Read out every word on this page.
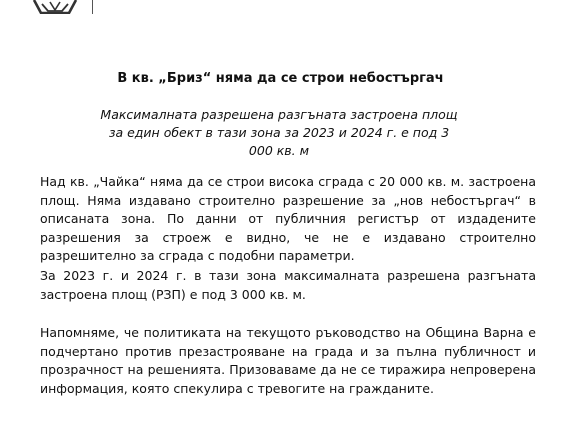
В кв. „Бриз“ няма да се строи небостъргач

Максималната разрешена разгъната застроена площ за един обект в тази зона за 2023 и 2024 г. е под 3 000 кв. м

Над кв. „Чайка“ няма да се строи висока сграда с 20 000 кв. м. застроена площ. Няма издавано строително разрешение за „нов небостъргач“ в описаната зона. По данни от публичния регистър от издадените разрешения за строеж е видно, че не е издавано строително разрешително за сграда с подобни параметри.

За 2023 г. и 2024 г. в тази зона максималната разрешена разгъната застроена площ (РЗП) е под 3 000 кв. м.

Напомняме, че политиката на текущото ръководство на Община Варна е подчертано против презастрояване на града и за пълна публичност и прозрачност на решенията. Призоваваме да не се тиражира непроверена информация, която спекулира с тревогите на гражданите.
